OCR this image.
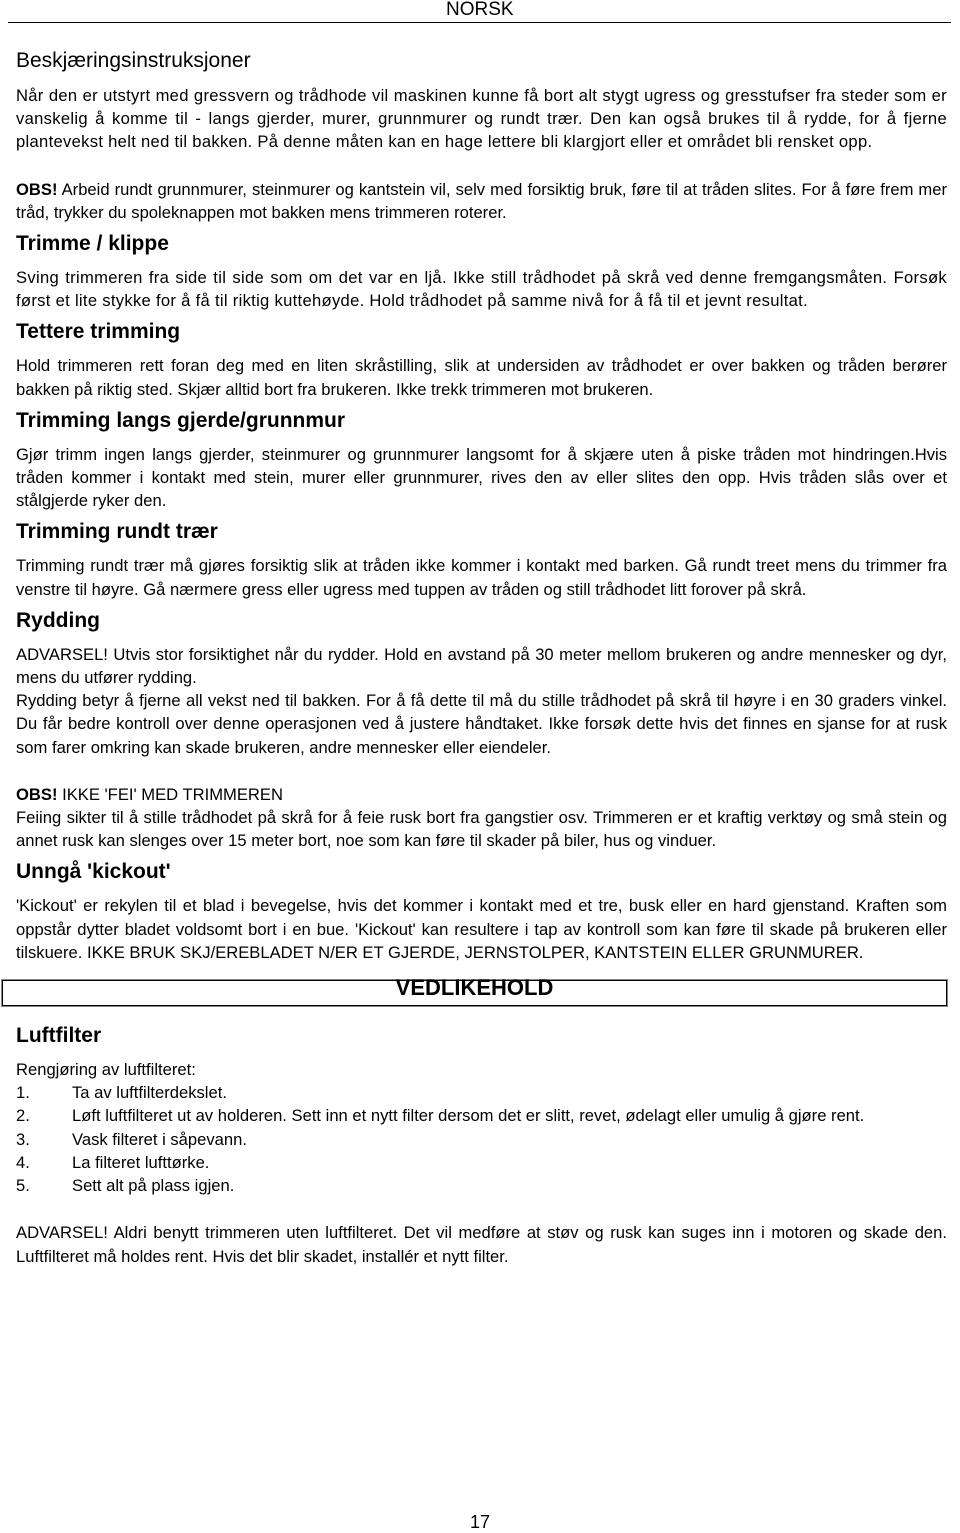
NORSK
Beskjæringsinstruksjoner

Når den er utstyrt med gressvern og trådhode vil maskinen kunne få bort alt stygt ugress og gresstufser fra steder som er vanskelig å komme til - langs gjerder, murer, grunnmurer og rundt trær. Den kan også brukes til å rydde, for å fjerne plantevekst helt ned til bakken. På denne måten kan en hage lettere bli klargjort eller et området bli rensket opp.

OBS! Arbeid rundt grunnmurer, steinmurer og kantstein vil, selv med forsiktig bruk, føre til at tråden slites. For å føre frem mer tråd, trykker du spoleknappen mot bakken mens trimmeren roterer.

Trimme / klippe

Sving trimmeren fra side til side som om det var en ljå. Ikke still trådhodet på skrå ved denne fremgangsmåten. Forsøk først et lite stykke for å få til riktig kuttehøyde. Hold trådhodet på samme nivå for å få til et jevnt resultat.

Tettere trimming

Hold trimmeren rett foran deg med en liten skråstilling, slik at undersiden av trådhodet er over bakken og tråden berører bakken på riktig sted. Skjær alltid bort fra brukeren. Ikke trekk trimmeren mot brukeren.

Trimming langs gjerde/grunnmur

Gjør trimm ingen langs gjerder, steinmurer og grunnmurer langsomt for å skjære uten å piske tråden mot hindringen.Hvis tråden kommer i kontakt med stein, murer eller grunnmurer, rives den av eller slites den opp. Hvis tråden slås over et stålgjerde ryker den.

Trimming rundt trær

Trimming rundt trær må gjøres forsiktig slik at tråden ikke kommer i kontakt med barken. Gå rundt treet mens du trimmer fra venstre til høyre. Gå nærmere gress eller ugress med tuppen av tråden og still trådhodet litt forover på skrå.

Rydding

ADVARSEL! Utvis stor forsiktighet når du rydder. Hold en avstand på 30 meter mellom brukeren og andre mennesker og dyr, mens du utfører rydding.

Rydding betyr å fjerne all vekst ned til bakken. For å få dette til må du stille trådhodet på skrå til høyre i en 30 graders vinkel. Du får bedre kontroll over denne operasjonen ved å justere håndtaket. Ikke forsøk dette hvis det finnes en sjanse for at rusk som farer omkring kan skade brukeren, andre mennesker eller eiendeler.

OBS! IKKE 'FEI' MED TRIMMEREN

Feiing sikter til å stille trådhodet på skrå for å feie rusk bort fra gangstier osv. Trimmeren er et kraftig verktøy og små stein og annet rusk kan slenges over 15 meter bort, noe som kan føre til skader på biler, hus og vinduer.

Unngå 'kickout'

'Kickout' er rekylen til et blad i bevegelse, hvis det kommer i kontakt med et tre, busk eller en hard gjenstand. Kraften som oppstår dytter bladet voldsomt bort i en bue. 'Kickout' kan resultere i tap av kontroll som kan føre til skade på brukeren eller tilskuere. IKKE BRUK SKJ/EREBLADET N/ER ET GJERDE, JERNSTOLPER, KANTSTEIN ELLER GRUNMURER.

VEDLIKEHOLD
Luftfilter

Rengjøring av luftfilteret:

1.	Ta av luftfilterdekslet.
2.	Løft luftfilteret ut av holderen. Sett inn et nytt filter dersom det er slitt, revet, ødelagt eller umulig å gjøre rent.
3.	Vask filteret i såpevann.
4.	La filteret lufttørke.
5.	Sett alt på plass igjen.

ADVARSEL! Aldri benytt trimmeren uten luftfilteret. Det vil medføre at støv og rusk kan suges inn i motoren og skade den. Luftfilteret må holdes rent. Hvis det blir skadet, installér et nytt filter.

17
